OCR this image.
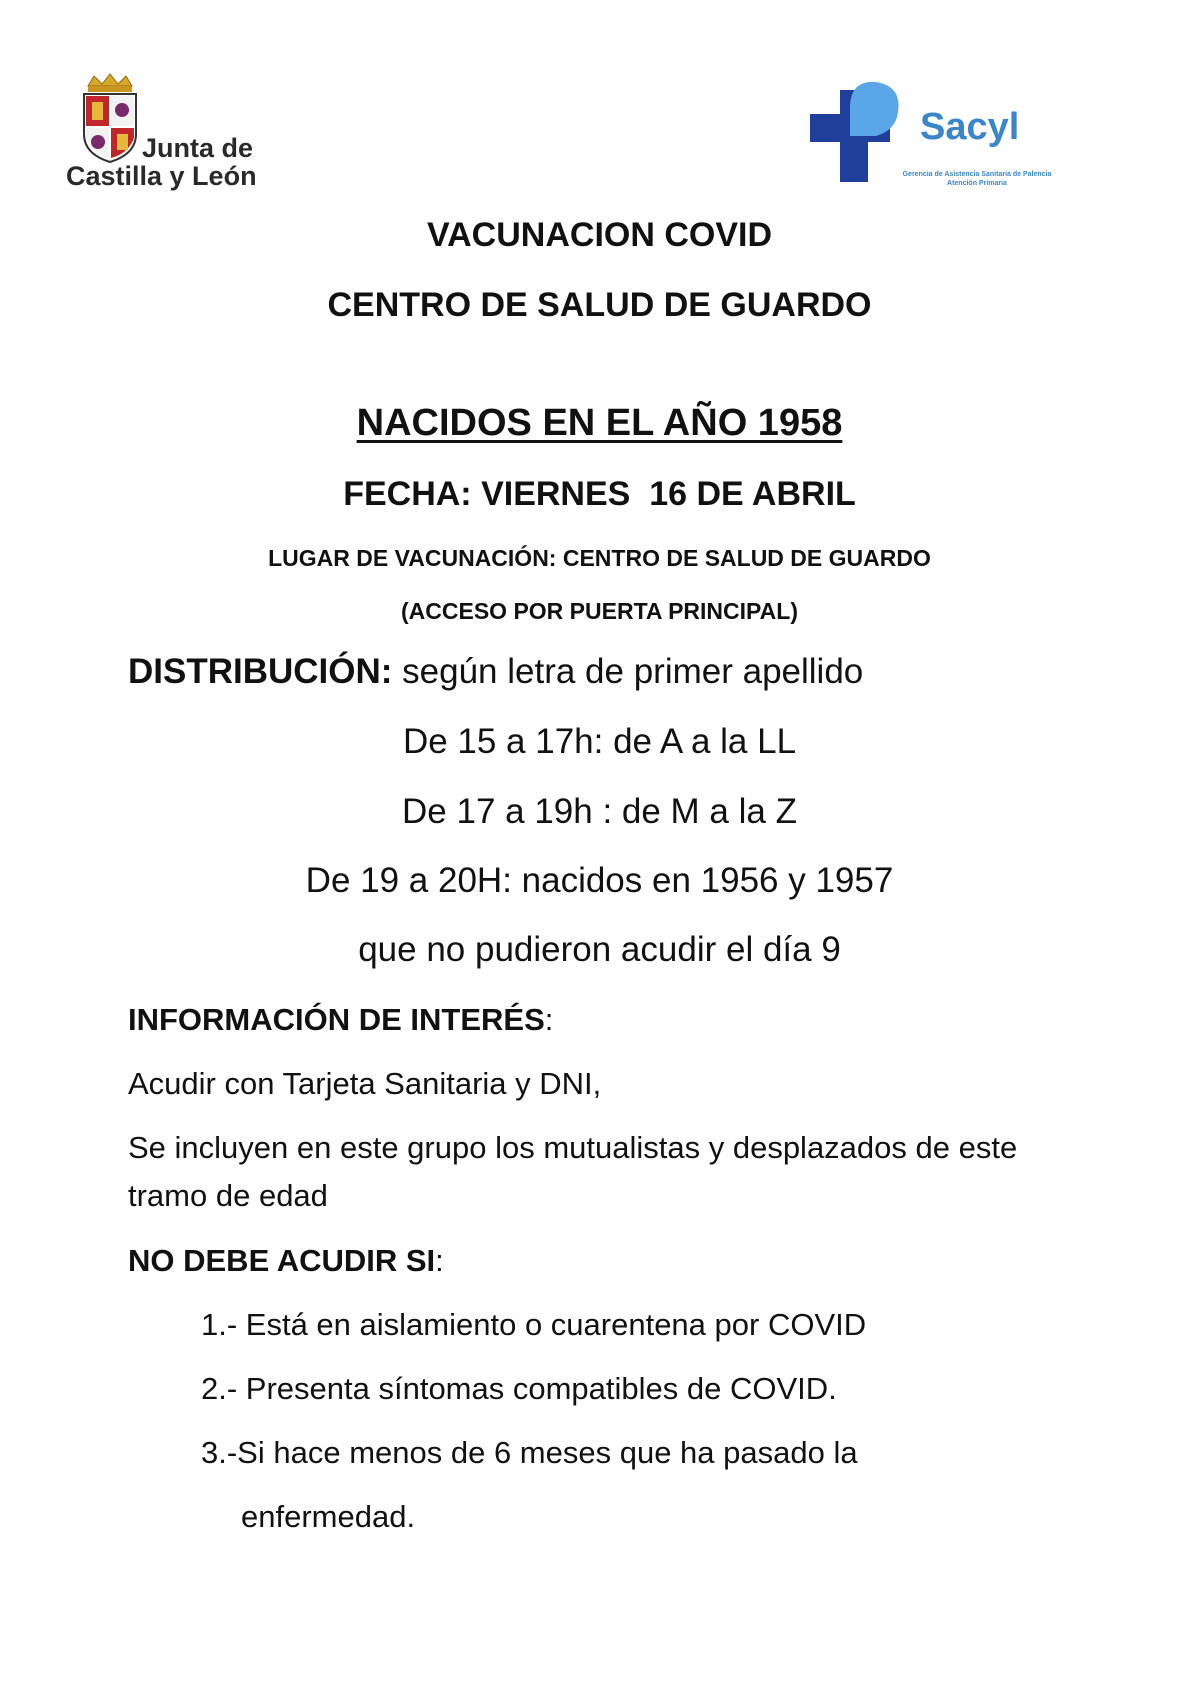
Junta de
Castilla y León
Sacyl
Gerencia de Asistencia Sanitaria de Palencia
Atención Primaria
VACUNACION COVID
CENTRO DE SALUD DE GUARDO
NACIDOS EN EL AÑO 1958
FECHA: VIERNES  16 DE ABRIL
LUGAR DE VACUNACIÓN: CENTRO DE SALUD DE GUARDO
(ACCESO POR PUERTA PRINCIPAL)
DISTRIBUCIÓN: según letra de primer apellido
De 15 a 17h: de A a la LL
De 17 a 19h : de M a la Z
De 19 a 20H: nacidos en 1956 y 1957
que no pudieron acudir el día 9
INFORMACIÓN DE INTERÉS:
Acudir con Tarjeta Sanitaria y DNI,
Se incluyen en este grupo los mutualistas y desplazados de este
tramo de edad
NO DEBE ACUDIR SI:
1.- Está en aislamiento o cuarentena por COVID
2.- Presenta síntomas compatibles de COVID.
3.-Si hace menos de 6 meses que ha pasado la
enfermedad.
